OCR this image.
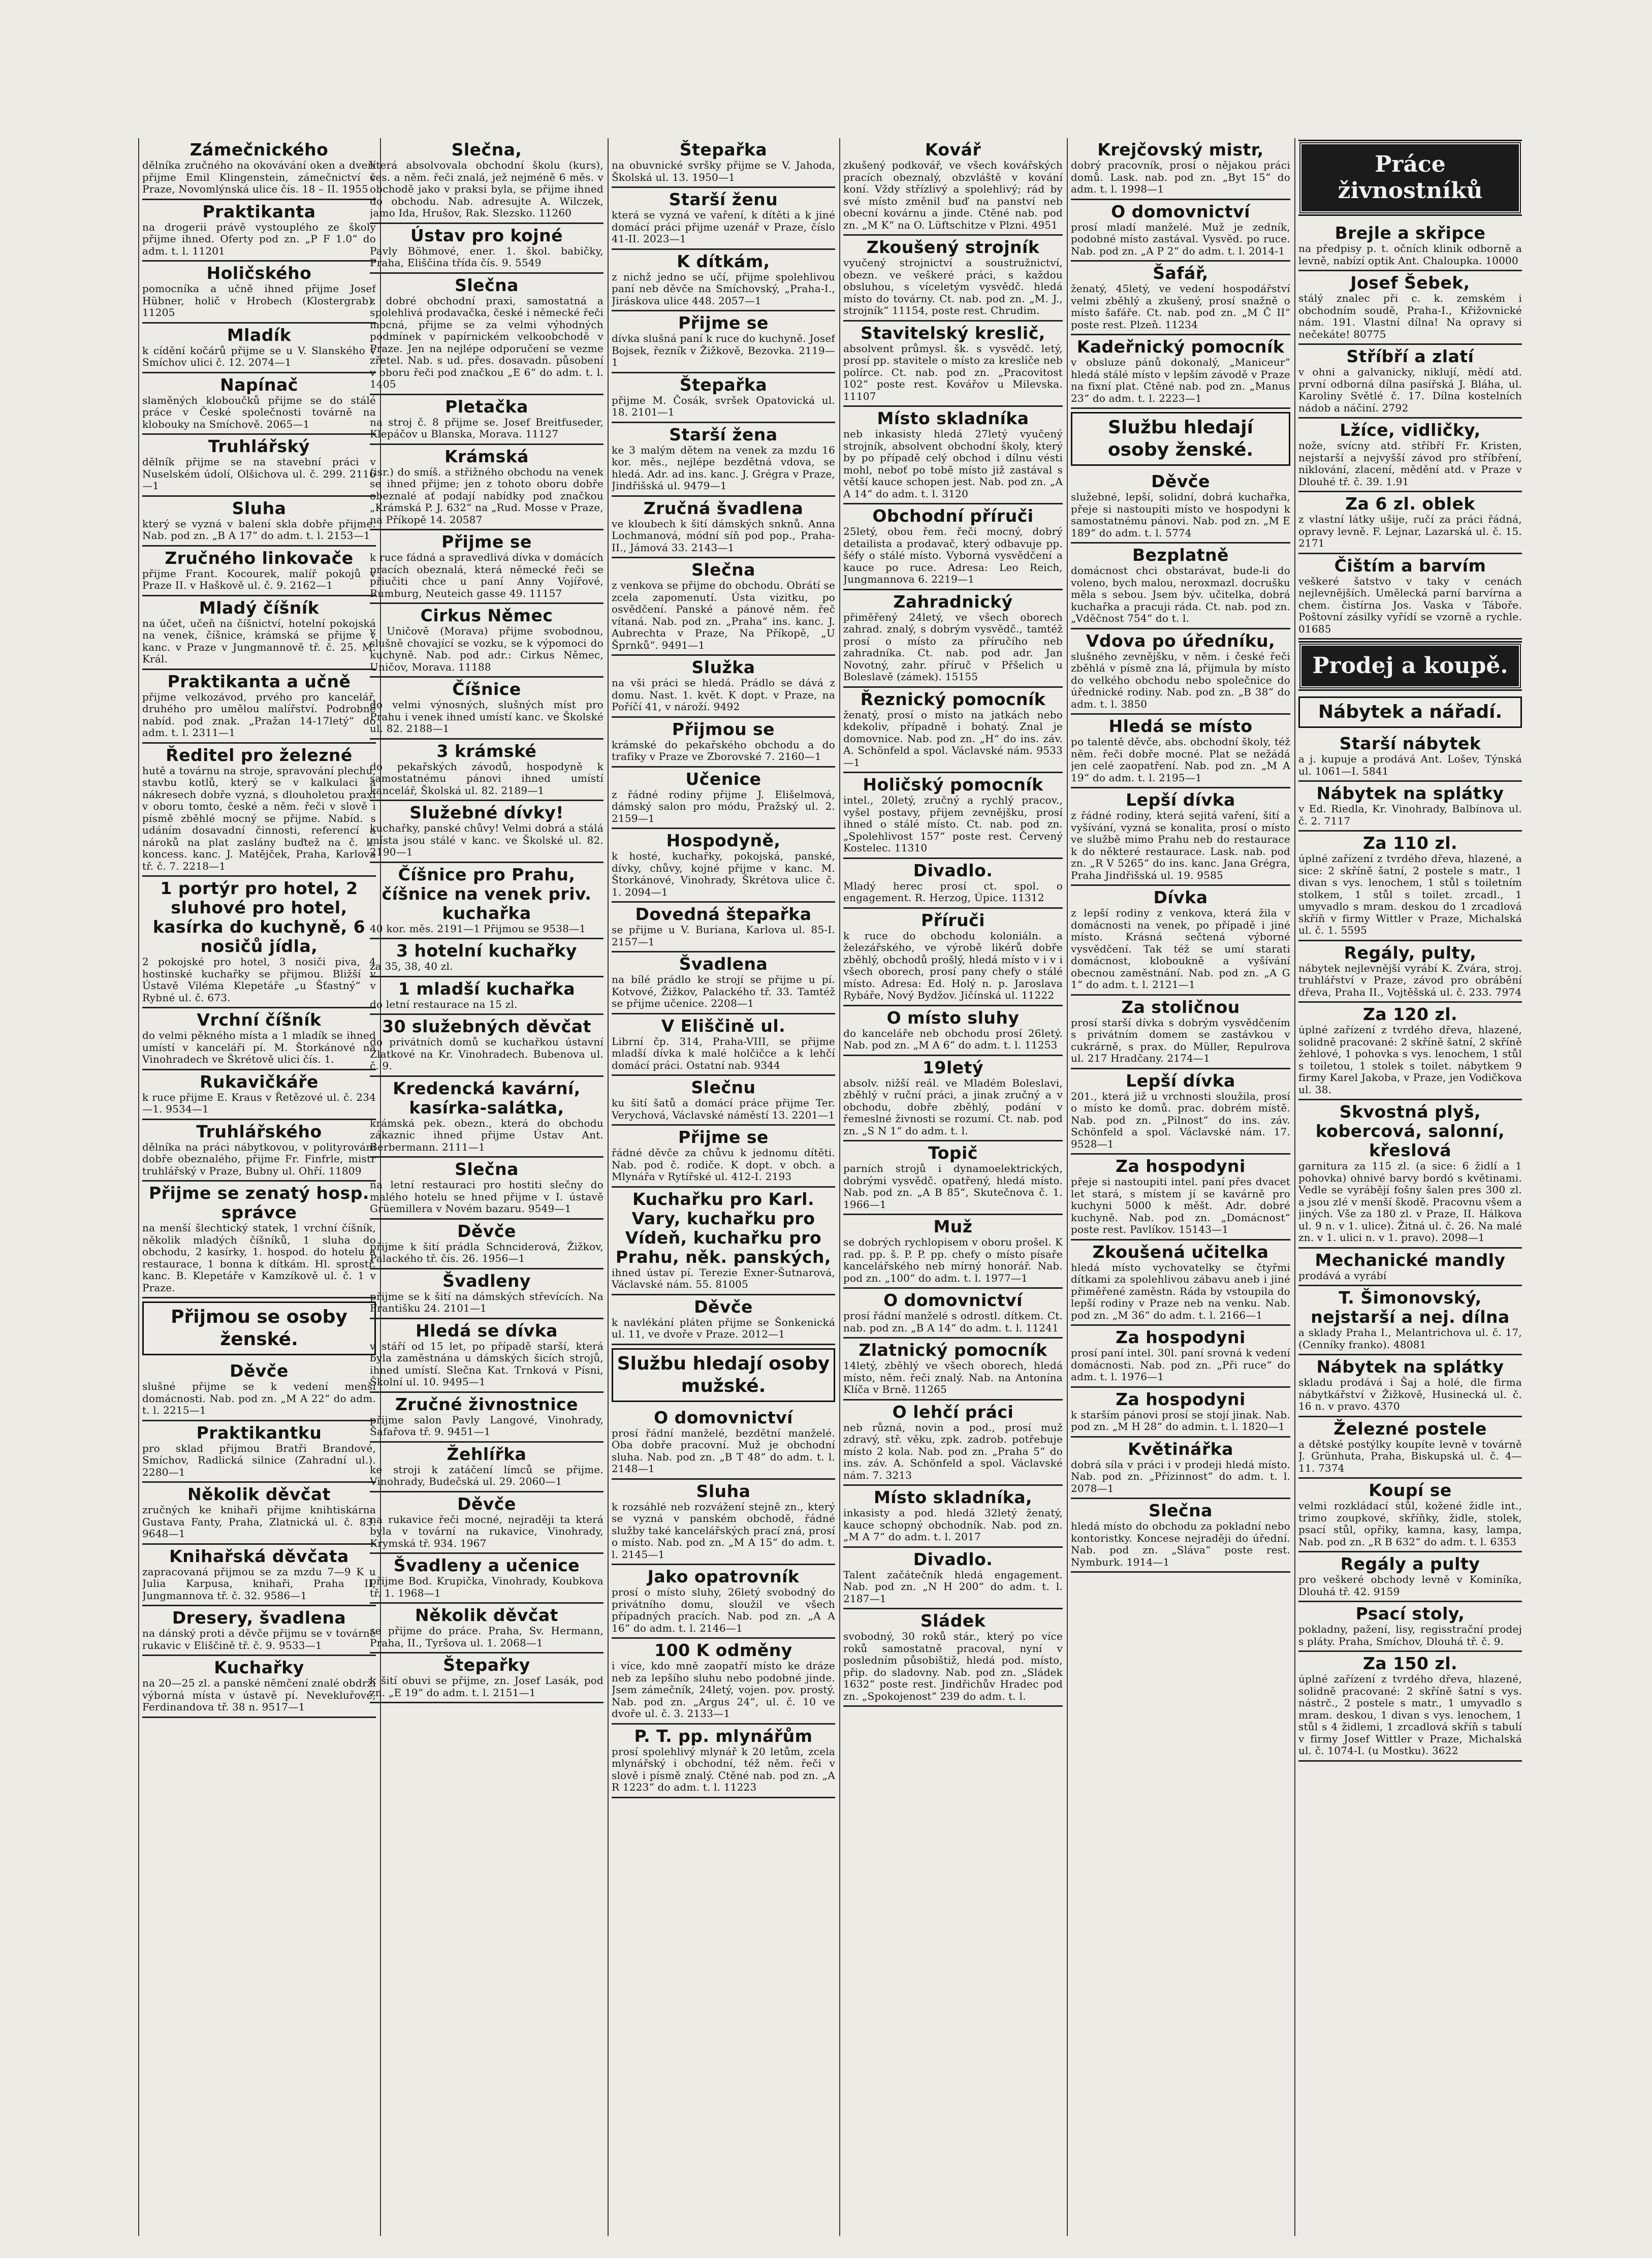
Zámečnického

dělníka zručného na okovávání oken a dveří přijme Emil Klingenstein, zámečnictví v Praze, Novomlýnská ulice čís. 18 – II. 1955

Praktikanta

na drogerii právě vystouplého ze školy přijme ihned. Oferty pod zn. „P F 1.0“ do adm. t. l. 11201

Holičského

pomocníka a učně ihned přijme Josef Hübner, holič v Hrobech (Klostergrab). 11205

Mladík

k cídění kočárů přijme se u V. Slanského v Smíchov ulici č. 12. 2074—1

Napínač

slaměných kloboučků přijme se do stálé práce v České společnosti továrně na klobouky na Smíchově. 2065—1

Truhlářský

dělník přijme se na stavební práci v Nuselském údolí, Olšichova ul. č. 299. 2116—1

Sluha

který se vyzná v balení skla dobře přijme. Nab. pod zn. „B A 17“ do adm. t. l. 2153—1

Zručného linkovače

přijme Frant. Kocourek, malíř pokojů v Praze II. v Haškově ul. č. 9. 2162—1

Mladý číšník

na účet, učeň na číšnictví, hotelní pokojská na venek, číšnice, krámská se přijme v kanc. v Praze v Jungmannově tř. č. 25. M. Král.

Praktikanta a učně

přijme velkozávod, prvého pro kancelář, druhého pro umělou malířství. Podrobné nabíd. pod znak. „Pražan 14-17letý“ do adm. t. l. 2311—1

Ředitel pro železné

hutě a továrnu na stroje, spravování plechu, stavbu kotlů, který se v kalkulaci a nákresech dobře vyzná, s dlouholetou praxí v oboru tomto, české a něm. řeči v slově i písmě zběhlé mocný se přijme. Nabíd. s udáním dosavadní činnosti, referencí a nároků na plat zaslány buďtež na č. k. koncess. kanc. J. Matějček, Praha, Karlova tř. č. 7. 2218—1

1 portýr pro hotel, 2 sluhové pro hotel, kasírka do kuchyně, 6 nosičů jídla,

2 pokojské pro hotel, 3 nosiči piva, 4 hostinské kuchařky se přijmou. Bližší v Ústavě Viléma Klepetáře „u Šťastný“ v Rybné ul. č. 673.

Vrchní číšník

do velmi pěkného místa a 1 mladík se ihned umístí v kanceláři pí. M. Štorkánové na Vinohradech ve Škrétově ulici čís. 1.

Rukavičkáře

k ruce přijme E. Kraus v Řetězové ul. č. 234—1. 9534—1

Truhlářského

dělníka na práci nábytkovou, v polityrování dobře obeznalého, přijme Fr. Finfrle, mistr truhlářský v Praze, Bubny ul. Ohří. 11809

Přijme se zenatý hosp. správce

na menší šlechtický statek, 1 vrchní číšník, několik mladých číšníků, 1 sluha do obchodu, 2 kasírky, 1. hospod. do hotelu a restaurace, 1 bonna k dítkám. Hl. sprostř. kanc. B. Klepetáře v Kamzíkově ul. č. 1 v Praze.

Přijmou se osoby ženské.
Děvče

slušné přijme se k vedení menší domácnosti. Nab. pod zn. „M A 22“ do adm. t. l. 2215—1

Praktikantku

pro sklad přijmou Bratři Brandové, Smíchov, Radlická silnice (Zahradní ul.). 2280—1

Několik děvčat

zručných ke knihaři přijme knihtiskárna Gustava Fanty, Praha, Zlatnická ul. č. 83. 9648—1

Knihařská děvčata

zapracovaná přijmou se za mzdu 7—9 K u Julia Karpusa, knihaři, Praha II, Jungmannova tř. č. 32. 9586—1

Dresery, švadlena

na dánský proti a děvče přijmu se v továrně rukavic v Eliščině tř. č. 9. 9533—1

Kuchařky

na 20—25 zl. a panské němčení znalé obdrží výborná místa v ústavě pí. Nevekluřové, Ferdinandova tř. 38 n. 9517—1

Slečna,

která absolvovala obchodní školu (kurs), čes. a něm. řeči znalá, jež nejméně 6 měs. v obchodě jako v praksi byla, se přijme ihned do obchodu. Nab. adresujte A. Wilczek, jamo Ida, Hrušov, Rak. Slezsko. 11260

Ústav pro kojné

Pavly Böhmové, ener. 1. škol. babičky, Praha, Eliščina třída čís. 9. 5549

Slečna

z dobré obchodní praxi, samostatná a spolehlivá prodavačka, české i německé řeči mocná, přijme se za velmi výhodných podmínek v papírnickém velkoobchodě v Praze. Jen na nejlépe odporučení se vezme zřetel. Nab. s ud. přes. dosavadn. působení v oboru řeči pod značkou „E 6“ do adm. t. l. 1405

Pletačka

na stroj č. 8 přijme se. Josef Breitfuseder, Klepáčov u Blanska, Morava. 11127

Krámská

(isr.) do smíš. a střižného obchodu na venek se ihned přijme; jen z tohoto oboru dobře obeznalé ať podají nabídky pod značkou „Krámská P. J. 632“ na „Rud. Mosse v Praze, na Příkopě 14. 20587

Přijme se

k ruce fádná a spravedlivá dívka v domácích pracích obeznalá, která německé řeči se přiučiti chce u paní Anny Vojířové, Rumburg, Neuteich gasse 49. 11157

Cirkus Němec

v Uničově (Morava) přijme svobodnou, slušně chovající se vozku, se k výpomoci do kuchyně. Nab. pod adr.: Cirkus Němec, Uničov, Morava. 11188

Číšnice

do velmi výnosných, slušných míst pro Prahu i venek ihned umístí kanc. ve Školské ul. 82. 2188—1

3 krámské

do pekařských závodů, hospodyně k samostatnému pánovi ihned umístí kancelář, Školská ul. 82. 2189—1

Služebné dívky!

kuchařky, panské chůvy! Velmi dobrá a stálá místa jsou stálé v kanc. ve Školské ul. 82. 2190—1

Číšnice pro Prahu, číšnice na venek priv. kuchařka

40 kor. měs. 2191—1 Přijmou se 9538—1

3 hotelní kuchařky

za 35, 38, 40 zl.

1 mladší kuchařka

do letní restaurace na 15 zl.

30 služebných děvčat

do privátních domů se kuchařkou ústavní Zlatkové na Kr. Vinohradech. Bubenova ul. č. 9.

Kredencká kavární, kasírka-salátka,

krámská pek. obezn., která do obchodu zákaznic ihned přijme Ústav Ant. Berbermann. 2111—1

Slečna

na letní restauraci pro hostiti slečny do malého hotelu se hned přijme v I. ústavě Grüemillera v Novém bazaru. 9549—1

Děvče

přijme k šití prádla Schnciderová, Žižkov, Palackého tř. čís. 26. 1956—1

Švadleny

přijme se k šití na dámských střevících. Na Františku 24. 2101—1

Hledá se dívka

v stáří od 15 let, po případě starší, která byla zaměstnána u dámských šicích strojů, ihned umístí. Slečna Kat. Trnková v Písni, Školní ul. 10. 9495—1

Zručné živnostnice

přijme salon Pavly Langové, Vinohrady, Šafařova tř. 9. 9451—1

Žehlířka

ke stroji k zatáčení límců se přijme. Vinohrady, Budečská ul. 29. 2060—1

Děvče

na rukavice řeči mocné, nejraději ta která byla v tovární na rukavice, Vinohrady, Krymská tř. 934. 1967

Švadleny a učenice

přijme Bod. Krupička, Vinohrady, Koubkova tř. 1. 1968—1

Několik děvčat

se přijme do práce. Praha, Sv. Hermann, Praha, II., Tyršova ul. 1. 2068—1

Štepařky

k šití obuvi se přijme, zn. Josef Lasák, pod zn. „E 19“ do adm. t. l. 2151—1

Štepařka

na obuvnické svršky přijme se V. Jahoda, Školská ul. 13. 1950—1

Starší ženu

která se vyzná ve vaření, k dítěti a k jiné domácí práci přijme uzenář v Praze, číslo 41-II. 2023—1

K dítkám,

z nichž jedno se učí, přijme spolehlivou paní neb děvče na Smíchovský, „Praha-I., Jiráskova ulice 448. 2057—1

Přijme se

dívka slušná paní k ruce do kuchyně. Josef Bojsek, řezník v Žižkově, Bezovka. 2119—1

Štepařka

přijme M. Čosák, svršek Opatovická ul. 18. 2101—1

Starší žena

ke 3 malým dětem na venek za mzdu 16 kor. měs., nejlépe bezdětná vdova, se hledá. Adr. ad ins. kanc. J. Grégra v Praze, Jindřišská ul. 9479—1

Zručná švadlena

ve kloubech k šití dámských snknů. Anna Lochmanová, módní síň pod pop., Praha-II., Jámová 33. 2143—1

Slečna

z venkova se přijme do obchodu. Obrátí se zcela zapomenutí. Ústa vizitku, po osvědčení. Panské a pánové něm. řeč vítaná. Nab. pod zn. „Praha“ ins. kanc. J. Aubrechta v Praze, Na Příkopě, „U Šprnků“. 9491—1

Služka

na vši práci se hledá. Prádlo se dává z domu. Nast. 1. květ. K dopt. v Praze, na Poříčí 41, v nároží. 9492

Přijmou se

krámské do pekařského obchodu a do trafiky v Praze ve Zborovské 7. 2160—1

Učenice

z řádné rodiny přijme J. Elišelmová, dámský salon pro módu, Pražský ul. 2. 2159—1

Hospodyně,

k hosté, kuchařky, pokojská, panské, dívky, chůvy, kojné přijme v kanc. M. Štorkánové, Vinohrady, Škrétova ulice č. 1. 2094—1

Dovedná štepařka

se přijme u V. Buriana, Karlova ul. 85-I. 2157—1

Švadlena

na bílé prádlo ke strojí se přijme u pí. Kotvové, Žižkov, Palackého tř. 33. Tamtéž se přijme učenice. 2208—1

V Eliščině ul.

Librní čp. 314, Praha-VIII, se přijme mladší dívka k malé holčičce a k lehčí domácí práci. Ostatní nab. 9344

Slečnu

ku šití šatů a domácí práce přijme Ter. Verychová, Václavské náměstí 13. 2201—1

Přijme se

řádné děvče za chůvu k jednomu dítěti. Nab. pod č. rodiče. K dopt. v obch. a Mlynářa v Rytířské ul. 412-I. 2193

Kuchařku pro Karl. Vary, kuchařku pro Vídeň, kuchařku pro Prahu, něk. panských,

ihned ústav pí. Terezie Exner-Šutnarová, Václavské nám. 55. 81005

Děvče

k navlékání pláten přijme se Šonkenická ul. 11, ve dvoře v Praze. 2012—1

Službu hledají osoby mužské.
O domovnictví

prosí řádní manželé, bezdětní manželé. Oba dobře pracovní. Muž je obchodní sluha. Nab. pod zn. „B T 48“ do adm. t. l. 2148—1

Sluha

k rozsáhlé neb rozvážení stejně zn., který se vyzná v panském obchodě, řádné služby také kancelářských prací zná, prosí o místo. Nab. pod zn. „M A 15“ do adm. t. l. 2145—1

Jako opatrovník

prosí o místo sluhy, 26letý svobodný do privátního domu, sloužil ve všech případných pracích. Nab. pod zn. „A A 16“ do adm. t. l. 2146—1

100 K odměny

i více, kdo mně zaopatří místo ke dráze neb za lepšího sluhu nebo podobné jinde. Jsem zámečník, 24letý, vojen. pov. prostý. Nab. pod zn. „Argus 24“, ul. č. 10 ve dvoře ul. č. 3. 2133—1

P. T. pp. mlynářům

prosí spolehlivý mlynář k 20 letům, zcela mlynářský i obchodní, též něm. řeči v slově i písmě znalý. Ctěné nab. pod zn. „A R 1223“ do adm. t. l. 11223

Kovář

zkušený podkovář, ve všech kovářských pracích obeznalý, obzvláště v kování koní. Vždy střízlivý a spolehlivý; rád by své místo změnil buď na panství neb obecní kovárnu a jinde. Ctěné nab. pod zn. „M K“ na O. Lüftschitze v Plzni. 4951

Zkoušený strojník

vyučený strojnictví a soustružnictví, obezn. ve veškeré práci, s každou obsluhou, s víceletým vysvědč. hledá místo do továrny. Ct. nab. pod zn. „M. J., strojník“ 11154, poste rest. Chrudim.

Stavitelský kreslič,

absolvent průmysl. šk. s vysvědč. letý, prosí pp. stavitele o místo za kresliče neb polírce. Ct. nab. pod zn. „Pracovitost 102“ poste rest. Kovářov u Milevska. 11107

Místo skladníka

neb inkasisty hledá 27letý vyučený strojník, absolvent obchodní školy, který by po případě celý obchod i dílnu vésti mohl, neboť po tobě místo již zastával s větší kauce schopen jest. Nab. pod zn. „A A 14“ do adm. t. l. 3120

Obchodní příruči

25letý, obou řem. řeči mocný, dobrý detailista a prodavač, který odbavuje pp. šéfy o stálé místo. Vyborná vysvědčení a kauce po ruce. Adresa: Leo Reich, Jungmannova 6. 2219—1

Zahradnický

přiměřený 24letý, ve všech oborech zahrad. znalý, s dobrým vysvědč., tamtéž prosí o místo za příručího neb zahradníka. Ct. nab. pod adr. Jan Novotný, zahr. příruč v Přšelich u Boleslavě (zámek). 15155

Řeznický pomocník

ženatý, prosí o místo na jatkách nebo kdekoliv, případně i bohatý. Znal je domovnice. Nab. pod zn. „H“ do ins. záv. A. Schönfeld a spol. Václavské nám. 9533—1

Holičský pomocník

intel., 20letý, zručný a rychlý pracov., vyšel postavy, přijem zevnějšku, prosí ihned o stálé místo. Ct. nab. pod zn. „Spolehlivost 157“ poste rest. Červený Kostelec. 11310

Divadlo.

Mladý herec prosí ct. spol. o engagement. R. Herzog, Úpice. 11312

Příruči

k ruce do obchodu koloniáln. a železářského, ve výrobě likérů dobře zběhlý, obchodů prošlý, hledá místo v i v i všech oborech, prosí pany chefy o stálé místo. Adresa: Ed. Holý n. p. Jaroslava Rybáře, Nový Bydžov. Jičínská ul. 11222

O místo sluhy

do kanceláře neb obchodu prosí 26letý. Nab. pod zn. „M A 6“ do adm. t. l. 11253

19letý

absolv. nižší reál. ve Mladém Boleslavi, zběhlý v ruční práci, a jinak zručný a v obchodu, dobře zběhlý, podání v řemeslné živnosti se rozumí. Ct. nab. pod zn. „S N 1“ do adm. t. l.

Topič

parních strojů i dynamoelektrických, dobrými vysvědč. opatřený, hledá místo. Nab. pod zn. „A B 85“, Skutečnova č. 1. 1966—1

Muž

se dobrých rychlopisem v oboru prošel. K rad. pp. š. P. P. pp. chefy o místo písaře kancelářského neb mírný honorář. Nab. pod zn. „100“ do adm. t. l. 1977—1

O domovnictví

prosí řádní manželé s odrostl. dítkem. Ct. nab. pod zn. „B A 14“ do adm. t. l. 11241

Zlatnický pomocník

14letý, zběhlý ve všech oborech, hledá místo, něm. řeči znalý. Nab. na Antonína Klíča v Brně. 11265

O lehčí práci

neb různá, novin a pod., prosí muž zdravý, stř. věku, zpk. zadrob. potřebuje místo 2 kola. Nab. pod zn. „Praha 5“ do ins. záv. A. Schönfeld a spol. Václavské nám. 7. 3213

Místo skladníka,

inkasisty a pod. hledá 32letý ženatý, kauce schopný obchodník. Nab. pod zn. „M A 7“ do adm. t. l. 2017

Divadlo.

Talent začátečník hledá engagement. Nab. pod zn. „N H 200“ do adm. t. l. 2187—1

Sládek

svobodný, 30 roků stár., který po více roků samostatně pracoval, nyní v posledním působištiž, hledá pod. místo, přip. do sladovny. Nab. pod zn. „Sládek 1632“ poste rest. Jindřichův Hradec pod zn. „Spokojenost“ 239 do adm. t. l.

Krejčovský mistr,

dobrý pracovník, prosí o nějakou práci domů. Lask. nab. pod zn. „Byt 15“ do adm. t. l. 1998—1

O domovnictví

prosí mladí manželé. Muž je zedník, podobné místo zastával. Vysvěd. po ruce. Nab. pod zn. „A P 2“ do adm. t. l. 2014-1

Šafář,

ženatý, 45letý, ve vedení hospodářství velmi zběhlý a zkušený, prosí snažně o místo šafáře. Ct. nab. pod zn. „M Č II“ poste rest. Plzeň. 11234

Kadeřnický pomocník

v obsluze pánů dokonalý, „Maniceur“ hledá stálé místo v lepším závodě v Praze na fixní plat. Ctěné nab. pod zn. „Manus 23“ do adm. t. l. 2223—1

Službu hledají osoby ženské.
Děvče

služebné, lepší, solidní, dobrá kuchařka, přeje si nastoupiti místo ve hospodyni k samostatnému pánovi. Nab. pod zn. „M E 189“ do adm. t. l. 5774

Bezplatně

domácnost chci obstarávat, bude-li do voleno, bych malou, neroxmazl. docrušku měla s sebou. Jsem býv. učitelka, dobrá kuchařka a pracuji ráda. Ct. nab. pod zn. „Vděčnost 754“ do t. l.

Vdova po úředníku,

slušného zevnějšku, v něm. i české řeči zběhlá v písmě zna lá, přijmula by místo do velkého obchodu nebo společnice do úřednické rodiny. Nab. pod zn. „B 38“ do adm. t. l. 3850

Hledá se místo

po talentě děvče, abs. obchodní školy, též něm. řeči dobře mocné. Plat se nežádá jen celé zaopatření. Nab. pod zn. „M A 19“ do adm. t. l. 2195—1

Lepší dívka

z řádné rodiny, která sejitá vaření, šití a vyšívání, vyzná se konalita, prosí o místo ve službě mimo Prahu neb do restaurace k do některé restaurace. Lask. nab. pod zn. „R V 5265“ do ins. kanc. Jana Grégra, Praha Jindřišská ul. 19. 9585

Dívka

z lepší rodiny z venkova, která žila v domácnosti na venek, po případě i jiné místo. Krásná sečtená výborné vysvědčení. Tak též se umí starati domácnost, kloboukně a vyšívání obecnou zaměstnání. Nab. pod zn. „A G 1“ do adm. t. l. 2121—1

Za stoličnou

prosí starší dívka s dobrým vysvědčením s privátním domem se zastávkou v cukrárně, s prax. do Müller, Repulrova ul. 217 Hradčany. 2174—1

Lepší dívka

201., která již u vrchnosti sloužila, prosí o místo ke domů. prac. dobrém místě. Nab. pod zn. „Pilnost“ do ins. záv. Schönfeld a spol. Václavské nám. 17. 9528—1

Za hospodyni

přeje si nastoupiti intel. paní přes dvacet let stará, s místem jí se kavárně pro kuchyni 5000 k měšt. Adr. dobré kuchyně. Nab. pod zn. „Domácnost“ poste rest. Pavlíkov. 15143—1

Zkoušená učitelka

hledá místo vychovatelky se čtyřmi dítkami za spolehlivou zábavu aneb i jiné přiměřené zaměstn. Ráda by vstoupila do lepší rodiny v Praze neb na venku. Nab. pod zn. „M 36“ do adm. t. l. 2166—1

Za hospodyni

prosí paní intel. 30l. paní srovná k vedení domácnosti. Nab. pod zn. „Při ruce“ do adm. t. l. 1976—1

Za hospodyni

k starším pánovi prosí se stojí jinak. Nab. pod zn. „M H 28“ do admin. t. l. 1820—1

Květinářka

dobrá síla v práci i v prodeji hledá místo. Nab. pod zn. „Přízinnost“ do adm. t. l. 2078—1

Slečna

hledá místo do obchodu za pokladní nebo kontoristky. Koncese nejraději do úřední. Nab. pod zn. „Sláva“ poste rest. Nymburk. 1914—1

Práce živnostníků
Brejle a skřipce

na předpisy p. t. očních klinik odborně a levně, nabízí optik Ant. Chaloupka. 10000

Josef Šebek,

stálý znalec při c. k. zemském i obchodním soudě, Praha-I., Křižovnické nám. 191. Vlastní dílna! Na opravy si nečekáte! 80775

Stříbří a zlatí

v ohni a galvanicky, niklují, mědí atd. první odborná dílna pasířská J. Bláha, ul. Karoliny Světlé č. 17. Dílna kostelních nádob a náčiní. 2792

Lžíce, vidličky,

nože, svícny atd. stříbří Fr. Kristen, nejstarší a nejvyšší závod pro stříbření, niklování, zlacení, mědění atd. v Praze v Dlouhé tř. č. 39. 1.91

Za 6 zl. oblek

z vlastní látky ušije, ručí za práci řádná, opravy levně. F. Lejnar, Lazarská ul. č. 15. 2171

Čištím a barvím

veškeré šatstvo v taky v cenách nejlevnějších. Umělecká parní barvírna a chem. čistírna Jos. Vaska v Táboře. Poštovní zásilky vyřídí se vzorně a rychle. 01685

Prodej a koupě.
Nábytek a nářadí.
Starší nábytek

a j. kupuje a prodává Ant. Lošev, Týnská ul. 1061—I. 5841

Nábytek na splátky

v Ed. Riedla, Kr. Vinohrady, Balbínova ul. č. 2. 7117

Za 110 zl.

úplné zařízení z tvrdého dřeva, hlazené, a sice: 2 skříně šatní, 2 postele s matr., 1 divan s vys. lenochem, 1 stůl s toiletním stolkem, 1 stůl s toilet. zrcadl., 1 umyvadlo s mram. deskou do 1 zrcadlová skříň v firmy Wittler v Praze, Michalská ul. č. 1. 5595

Regály, pulty,

nábytek nejlevnější vyrábí K. Zvára, stroj. truhlářství v Praze, závod pro obrábění dřeva, Praha II., Vojtěšská ul. č. 233. 7974

Za 120 zl.

úplné zařízení z tvrdého dřeva, hlazené, solidně pracované: 2 skříně šatní, 2 skříně žehlové, 1 pohovka s vys. lenochem, 1 stůl s toiletou, 1 stolek s toilet. nábytkem 9 firmy Karel Jakoba, v Praze, jen Vodičkova ul. 38.

Skvostná plyš, kobercová, salonní, křeslová

garnitura za 115 zl. (a sice: 6 židlí a 1 pohovka) ohnivé barvy bordó s květinami. Vedle se vyrábějí fošny šalen pres 300 zl. a jsou zlé v menší škodě. Pracovnu všem a jiných. Vše za 180 zl. v Praze, II. Hálkova ul. 9 n. v 1. ulice). Žitná ul. č. 26. Na malé zn. v 1. ulici n. v 1. pravo). 2098—1

Mechanické mandly

prodává a vyrábí

T. Šimonovský, nejstarší a nej. dílna

a sklady Praha I., Melantrichova ul. č. 17, (Cenníky franko). 48081

Nábytek na splátky

skladu prodává i Šaj a holé, dle firma nábytkářství v Žižkově, Husinecká ul. č. 16 n. v pravo. 4370

Železné postele

a dětské postýlky koupíte levně v továrně J. Grünhuta, Praha, Biskupská ul. č. 4—11. 7374

Koupí se

velmi rozkládací stůl, kožené židle int., trimo zoupkové, skříňky, židle, stolek, psací stůl, opřiky, kamna, kasy, lampa, Nab. pod zn. „R B 632“ do adm. t. l. 6353

Regály a pulty

pro veškeré obchody levně v Kominíka, Dlouhá tř. 42. 9159

Psací stoly,

pokladny, pažení, lisy, regisstrační prodej s pláty. Praha, Smíchov, Dlouhá tř. č. 9.

Za 150 zl.

úplné zařízení z tvrdého dřeva, hlazené, solidně pracované: 2 skříně šatní s vys. nástrč., 2 postele s matr., 1 umyvadlo s mram. deskou, 1 divan s vys. lenochem, 1 stůl s 4 židlemi, 1 zrcadlová skříň s tabulí v firmy Josef Wittler v Praze, Michalská ul. č. 1074-I. (u Mostku). 3622
